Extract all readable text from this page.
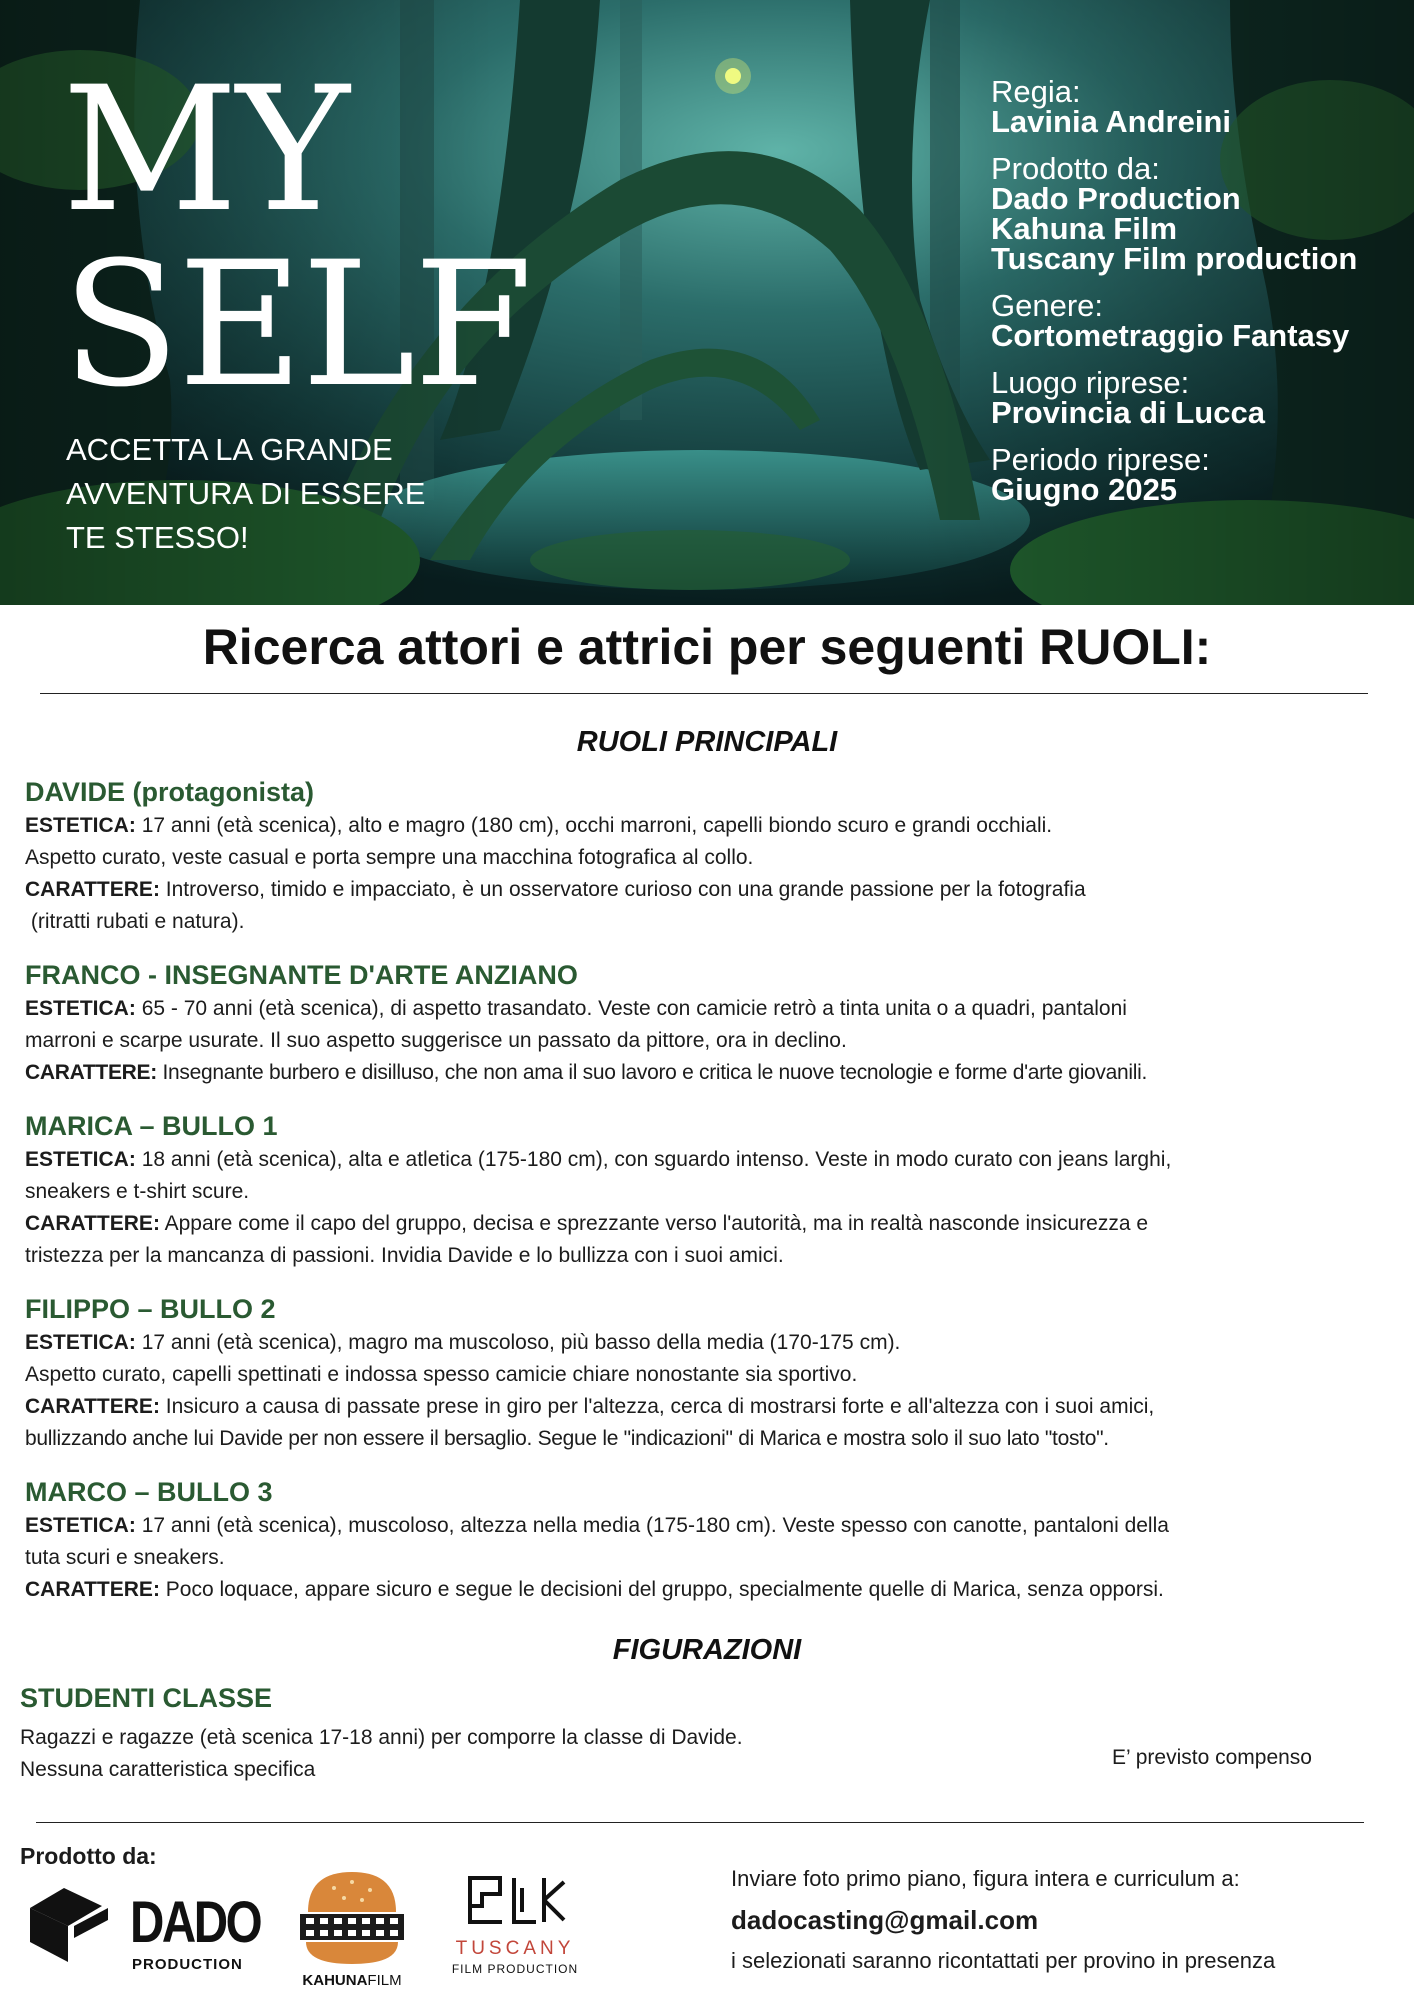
MY
SELF
ACCETTA LA GRANDE
AVVENTURA DI ESSERE
TE STESSO!
Regia:
Lavinia Andreini
Prodotto da:
Dado Production
Kahuna Film
Tuscany Film production
Genere:
Cortometraggio Fantasy
Luogo riprese:
Provincia di Lucca
Periodo riprese:
Giugno 2025
Ricerca attori e attrici per seguenti RUOLI:
RUOLI PRINCIPALI
DAVIDE (protagonista)
ESTETICA: 17 anni (età scenica), alto e magro (180 cm), occhi marroni, capelli biondo scuro e grandi occhiali.
Aspetto curato, veste casual e porta sempre una macchina fotografica al collo.
CARATTERE: Introverso, timido e impacciato, è un osservatore curioso con una grande passione per la fotografia
(ritratti rubati e natura).
FRANCO - INSEGNANTE D'ARTE ANZIANO
ESTETICA: 65 - 70 anni (età scenica), di aspetto trasandato. Veste con camicie retrò a tinta unita o a quadri, pantaloni
marroni e scarpe usurate. Il suo aspetto suggerisce un passato da pittore, ora in declino.
CARATTERE: Insegnante burbero e disilluso, che non ama il suo lavoro e critica le nuove tecnologie e forme d'arte giovanili.
MARICA – BULLO 1
ESTETICA: 18 anni (età scenica), alta e atletica (175-180 cm), con sguardo intenso. Veste in modo curato con jeans larghi,
sneakers e t-shirt scure.
CARATTERE: Appare come il capo del gruppo, decisa e sprezzante verso l'autorità, ma in realtà nasconde insicurezza e
tristezza per la mancanza di passioni. Invidia Davide e lo bullizza con i suoi amici.
FILIPPO – BULLO 2
ESTETICA: 17 anni (età scenica), magro ma muscoloso, più basso della media (170-175 cm).
Aspetto curato, capelli spettinati e indossa spesso camicie chiare nonostante sia sportivo.
CARATTERE: Insicuro a causa di passate prese in giro per l'altezza, cerca di mostrarsi forte e all'altezza con i suoi amici,
bullizzando anche lui Davide per non essere il bersaglio. Segue le "indicazioni" di Marica e mostra solo il suo lato "tosto".
MARCO – BULLO 3
ESTETICA: 17 anni (età scenica), muscoloso, altezza nella media (175-180 cm). Veste spesso con canotte, pantaloni della
tuta scuri e sneakers.
CARATTERE: Poco loquace, appare sicuro e segue le decisioni del gruppo, specialmente quelle di Marica, senza opporsi.
FIGURAZIONI
STUDENTI CLASSE
Ragazzi e ragazze (età scenica 17-18 anni) per comporre la classe di Davide.
Nessuna caratteristica specifica
E’ previsto compenso
Prodotto da:
DADO
PRODUCTION
KAHUNAFILM
TUSCANY
FILM PRODUCTION
Inviare foto primo piano, figura intera e curriculum a:
dadocasting@gmail.com
i selezionati saranno ricontattati per provino in presenza
